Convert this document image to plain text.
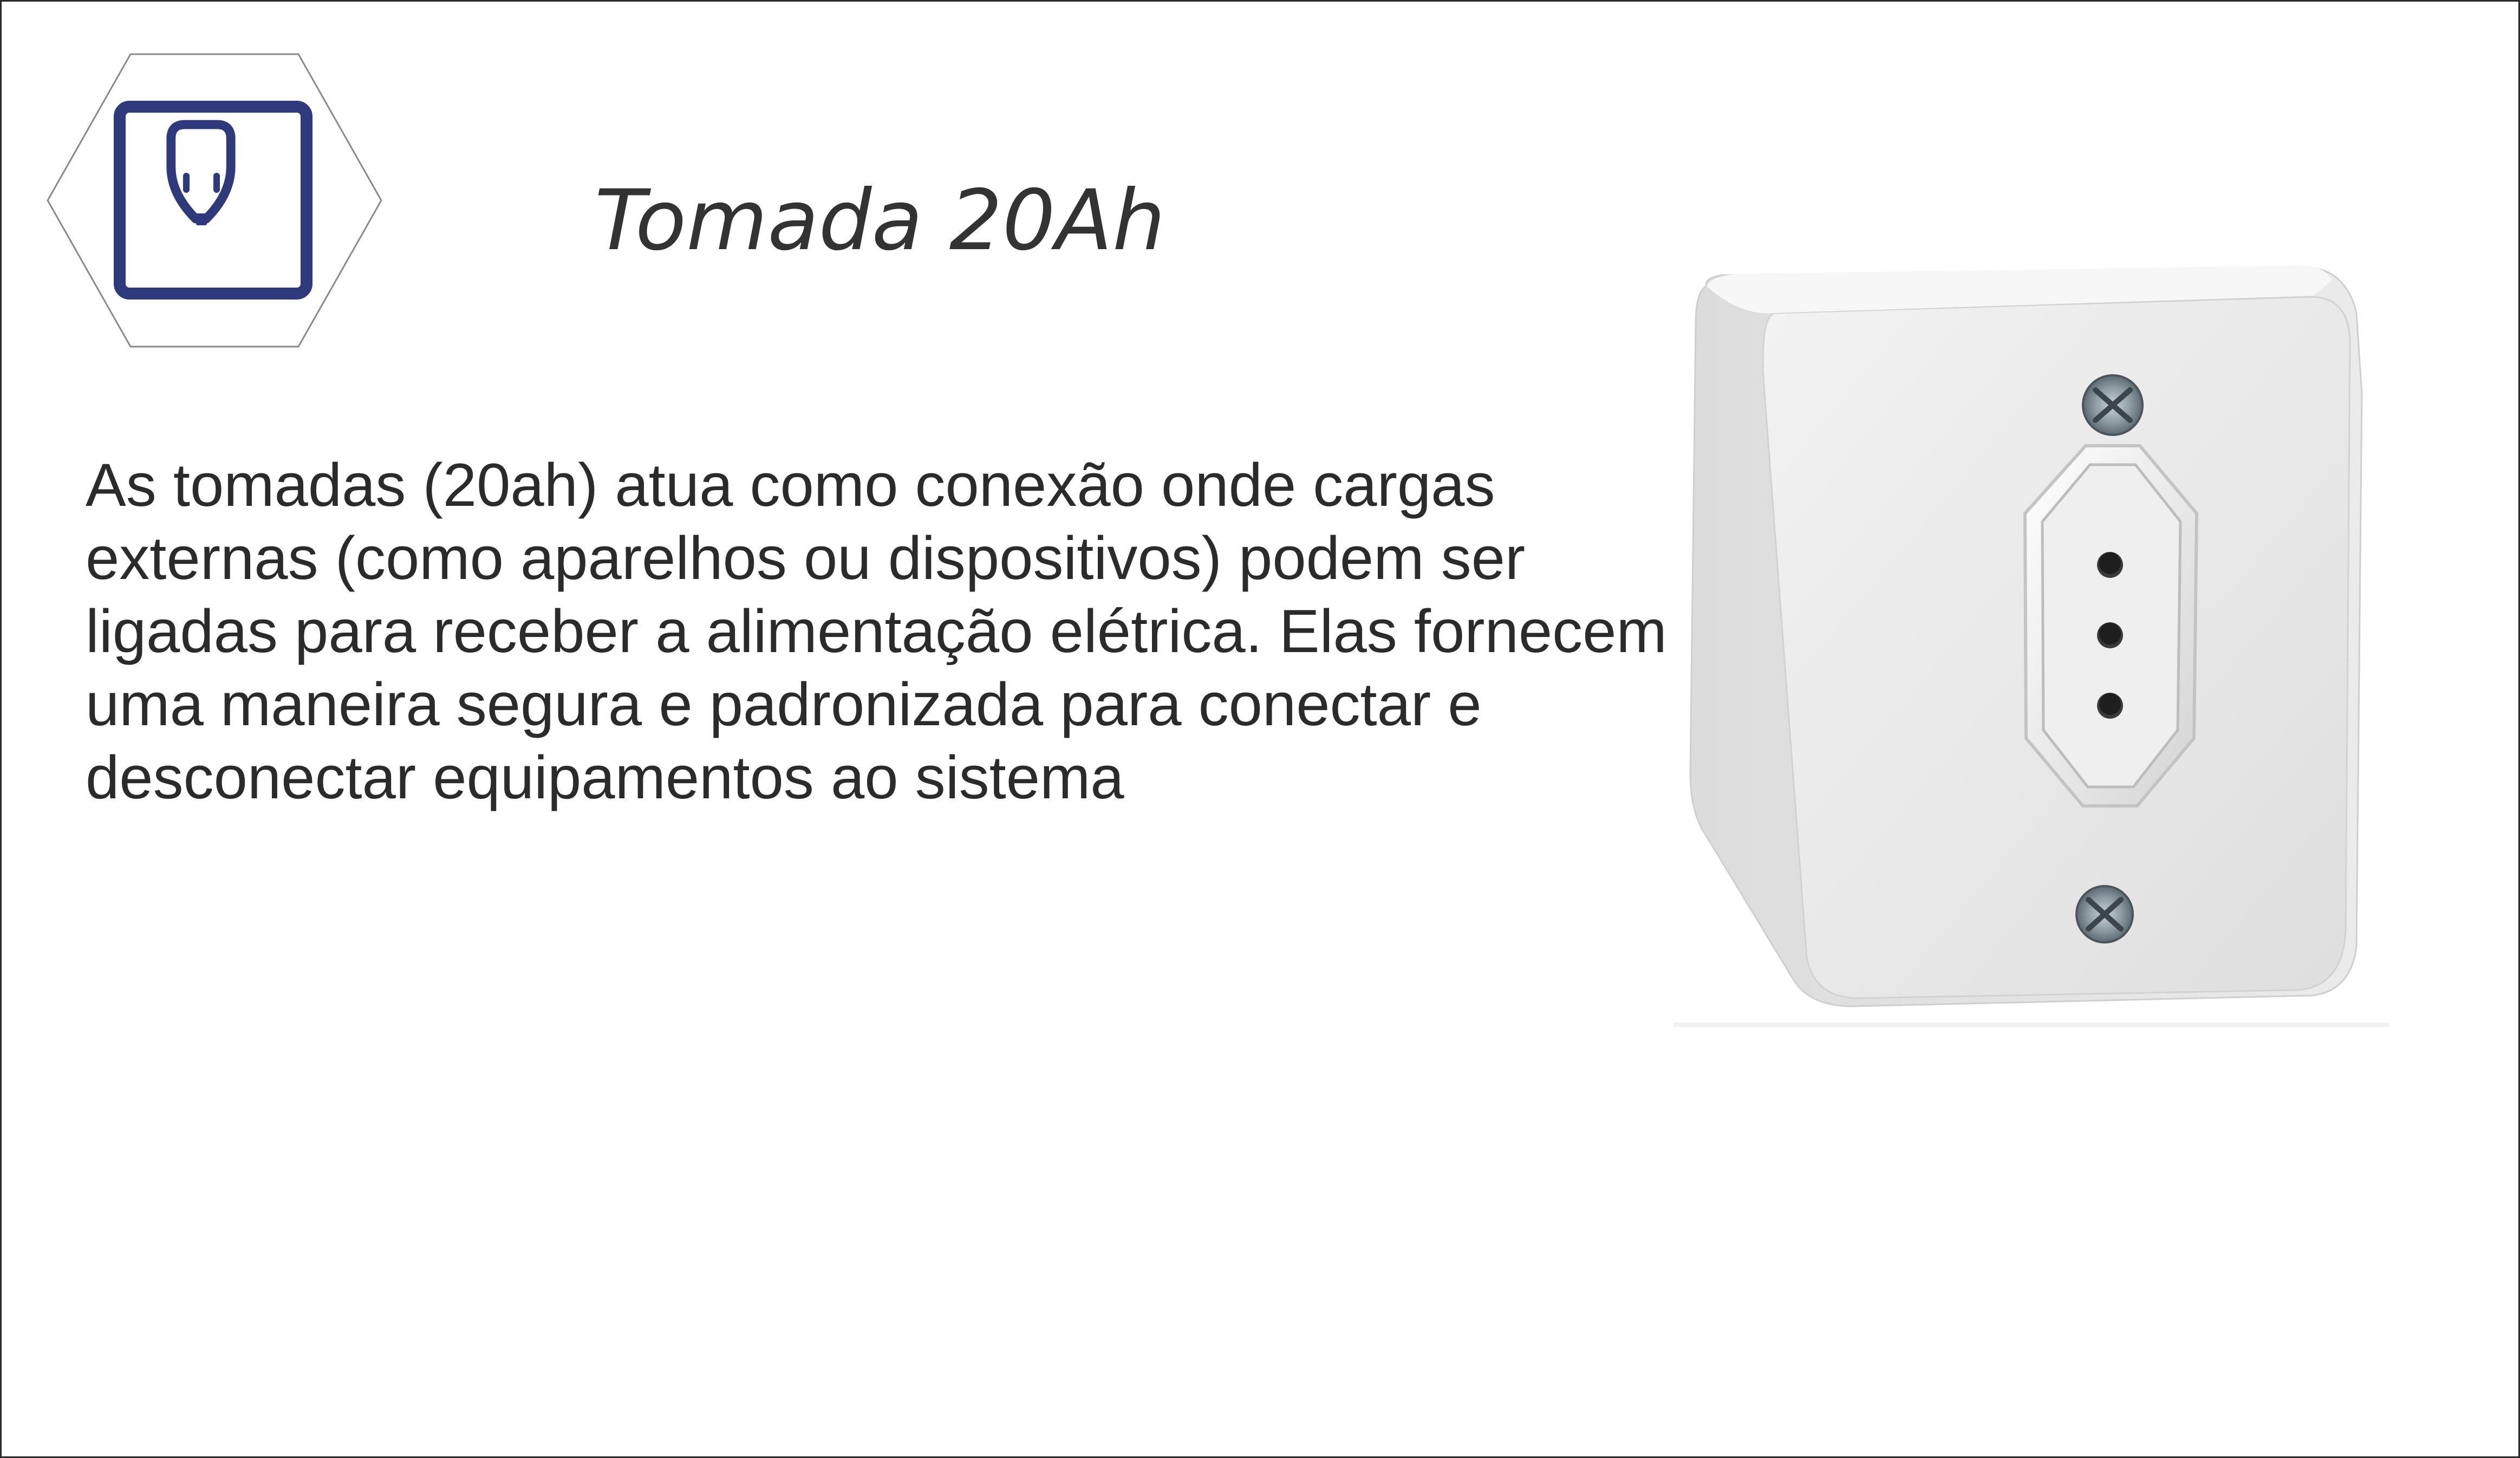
Tomada 20Ah

As tomadas (20ah) atua como conexão onde cargas externas (como aparelhos ou dispositivos) podem ser ligadas para receber a alimentação elétrica. Elas fornecem uma maneira segura e padronizada para conectar e desconectar equipamentos ao sistema
